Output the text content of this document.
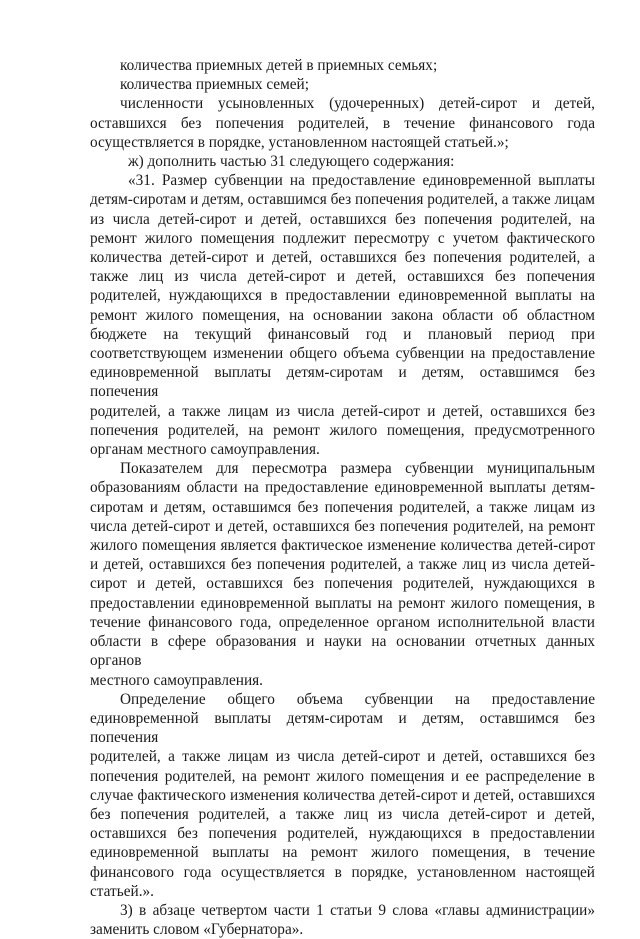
количества приемных детей в приемных семьях;
количества приемных семей;
численности усыновленных (удочеренных) детей-сирот и детей,
оставшихся без попечения родителей, в течение финансового года
осуществляется в порядке, установленном настоящей статьей.»;
ж) дополнить частью 31 следующего содержания:
«31. Размер субвенции на предоставление единовременной выплаты
детям-сиротам и детям, оставшимся без попечения родителей, а также лицам
из числа детей-сирот и детей, оставшихся без попечения родителей, на
ремонт жилого помещения подлежит пересмотру с учетом фактического
количества детей-сирот и детей, оставшихся без попечения родителей, а
также лиц из числа детей-сирот и детей, оставшихся без попечения
родителей, нуждающихся в предоставлении единовременной выплаты на
ремонт жилого помещения, на основании закона области об областном
бюджете на текущий финансовый год и плановый период при
соответствующем изменении общего объема субвенции на предоставление
единовременной выплаты детям-сиротам и детям, оставшимся без попечения
родителей, а также лицам из числа детей-сирот и детей, оставшихся без
попечения родителей, на ремонт жилого помещения, предусмотренного
органам местного самоуправления.
Показателем для пересмотра размера субвенции муниципальным
образованиям области на предоставление единовременной выплаты детям-
сиротам и детям, оставшимся без попечения родителей, а также лицам из
числа детей-сирот и детей, оставшихся без попечения родителей, на ремонт
жилого помещения является фактическое изменение количества детей-сирот
и детей, оставшихся без попечения родителей, а также лиц из числа детей-
сирот и детей, оставшихся без попечения родителей, нуждающихся в
предоставлении единовременной выплаты на ремонт жилого помещения, в
течение финансового года, определенное органом исполнительной власти
области в сфере образования и науки на основании отчетных данных органов
местного самоуправления.
Определение общего объема субвенции на предоставление
единовременной выплаты детям-сиротам и детям, оставшимся без попечения
родителей, а также лицам из числа детей-сирот и детей, оставшихся без
попечения родителей, на ремонт жилого помещения и ее распределение в
случае фактического изменения количества детей-сирот и детей, оставшихся
без попечения родителей, а также лиц из числа детей-сирот и детей,
оставшихся без попечения родителей, нуждающихся в предоставлении
единовременной выплаты на ремонт жилого помещения, в течение
финансового года осуществляется в порядке, установленном настоящей
статьей.».
3) в абзаце четвертом части 1 статьи 9 слова «главы администрации»
заменить словом «Губернатора».
